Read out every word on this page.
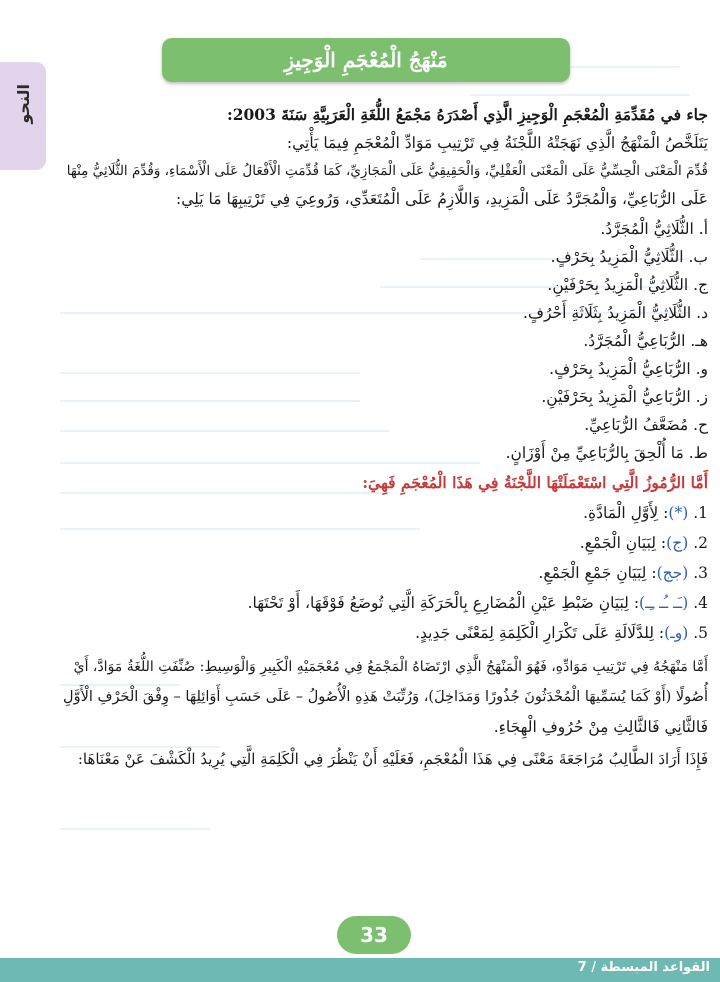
مَنْهَجُ الْمُعْجَمِ الْوَجِيزِ
النحو	جاء في مُقَدِّمَةِ الْمُعْجَمِ الْوَجِيزِ الَّذِي أَصْدَرَهُ مَجْمَعُ اللُّغَةِ الْعَرَبِيَّةِ سَنَةَ 2003:
يَتَلَخَّصُ الْمَنْهَجُ الَّذِي نَهَجَتْهُ اللَّجْنَةُ فِي تَرْتِيبِ مَوَادِّ الْمُعْجَمِ فِيمَا يَأْتِي:
قُدِّمَ الْمَعْنَى الْحِسِّيُّ عَلَى الْمَعْنَى الْعَقْلِيِّ، وَالْحَقِيقِيُّ عَلَى الْمَجَازِيِّ، كَمَا قُدِّمَتِ الْأَفْعَالُ عَلَى الْأَسْمَاءِ، وَقُدِّمَ الثُّلَاثِيُّ مِنْهَا
عَلَى الرُّبَاعِيِّ، وَالْمُجَرَّدُ عَلَى الْمَزِيدِ، وَاللَّازِمُ عَلَى الْمُتَعَدِّي، وَرُوعِيَ فِي تَرْتِيبِهَا مَا يَلِي:
أ. الثُّلَاثِيُّ الْمُجَرَّدُ.
ب. الثُّلَاثِيُّ الْمَزِيدُ بِحَرْفٍ.
ج. الثُّلَاثِيُّ الْمَزِيدُ بِحَرْفَيْنِ.
د. الثُّلَاثِيُّ الْمَزِيدُ بِثَلَاثَةِ أَحْرُفٍ.
هـ. الرُّبَاعِيُّ الْمُجَرَّدُ.
و. الرُّبَاعِيُّ الْمَزِيدُ بِحَرْفٍ.
ز. الرُّبَاعِيُّ الْمَزِيدُ بِحَرْفَيْنِ.
ح. مُضَعَّفُ الرُّبَاعِيِّ.
ط. مَا أُلْحِقَ بِالرُّبَاعِيِّ مِنْ أَوْزَانٍ.
أَمَّا الرُّمُوزُ الَّتِي اسْتَعْمَلَتْهَا اللَّجْنَةُ فِي هَذَا الْمُعْجَمِ فَهِيَ:
1. (*): لِأَوَّلِ الْمَادَّةِ.
2. (ج): لِبَيَانِ الْجَمْعِ.
3. (جج): لِبَيَانِ جَمْعِ الْجَمْعِ.
4. (ـَـ ـُـ ـِـ): لِبَيَانِ ضَبْطِ عَيْنِ الْمُضَارِعِ بِالْحَرَكَةِ الَّتِي تُوضَعُ فَوْقَهَا، أَوْ تَحْتَهَا.
5. (وـ): لِلدَّلَالَةِ عَلَى تَكْرَارِ الْكَلِمَةِ لِمَعْنًى جَدِيدٍ.
أَمَّا مَنْهَجُهُ فِي تَرْتِيبِ مَوَادِّهِ، فَهُوَ الْمَنْهَجُ الَّذِي ارْتَضَاهُ الْمَجْمَعُ فِي مُعْجَمَيْهِ الْكَبِيرِ وَالْوَسِيطِ: صُنِّفَتِ اللُّغَةُ مَوَادَّ، أَيْ
أُصُولًا (أَوْ كَمَا يُسَمِّيهَا الْمُحْدَثُونَ جُذُورًا وَمَدَاخِلَ)، وَرُتِّبَتْ هَذِهِ الْأُصُولُ – عَلَى حَسَبِ أَوَائِلِهَا – وِفْقَ الْحَرْفِ الْأَوَّلِ
فَالثَّانِي فَالثَّالِثِ مِنْ حُرُوفِ الْهِجَاءِ.
فَإِذَا أَرَادَ الطَّالِبُ مُرَاجَعَةَ مَعْنًى فِي هَذَا الْمُعْجَمِ، فَعَلَيْهِ أَنْ يَنْظُرَ فِي الْكَلِمَةِ الَّتِي يُرِيدُ الْكَشْفَ عَنْ مَعْنَاهَا:
33
القواعد المبسطة / 7
